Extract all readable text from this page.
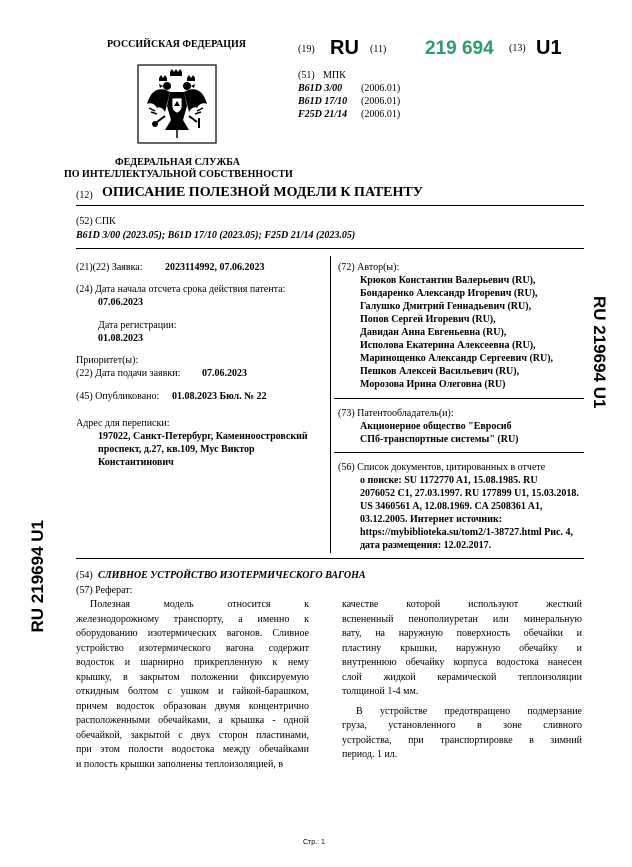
РОССИЙСКАЯ ФЕДЕРАЦИЯ
ФЕДЕРАЛЬНАЯ СЛУЖБА
ПО ИНТЕЛЛЕКТУАЛЬНОЙ СОБСТВЕННОСТИ
(19) RU (11) 219 694 (13) U1
(51) МПК
B61D 3/00 (2006.01)
B61D 17/10 (2006.01)
F25D 21/14 (2006.01)
(12) ОПИСАНИЕ ПОЛЕЗНОЙ МОДЕЛИ К ПАТЕНТУ
(52) СПК
B61D 3/00 (2023.05); B61D 17/10 (2023.05); F25D 21/14 (2023.05)
(21)(22) Заявка: 2023114992, 07.06.2023
(24) Дата начала отсчета срока действия патента:
07.06.2023
Дата регистрации:
01.08.2023
Приоритет(ы):
(22) Дата подачи заявки: 07.06.2023
(45) Опубликовано: 01.08.2023 Бюл. № 22
Адрес для переписки:
197022, Санкт-Петербург, Каменноостровский
проспект, д.27, кв.109, Мус Виктор
Константинович
(72) Автор(ы):
Крюков Константин Валерьевич (RU),
Бондаренко Александр Игоревич (RU),
Галушко Дмитрий Геннадьевич (RU),
Попов Сергей Игоревич (RU),
Давидан Анна Евгеньевна (RU),
Исполова Екатерина Алексеевна (RU),
Маринощенко Александр Сергеевич (RU),
Пешков Алексей Васильевич (RU),
Морозова Ирина Олеговна (RU)
(73) Патентообладатель(и):
Акционерное общество "Евросиб
СПб-транспортные системы" (RU)
(56) Список документов, цитированных в отчете
о поиске: SU 1172770 A1, 15.08.1985. RU
2076052 C1, 27.03.1997. RU 177899 U1, 15.03.2018.
US 3460561 A, 12.08.1969. CA 2508361 A1,
03.12.2005. Интернет источник:
https://mybiblioteka.su/tom2/1-38727.html Рис. 4,
дата размещения: 12.02.2017.
(54) СЛИВНОЕ УСТРОЙСТВО ИЗОТЕРМИЧЕСКОГО ВАГОНА
(57) Реферат:
Полезная модель относится к
железнодорожному транспорту, а именно к
оборудованию изотермических вагонов. Сливное
устройство изотермического вагона содержит
водосток и шарнирно прикрепленную к нему
крышку, в закрытом положении фиксируемую
откидным болтом с ушком и гайкой-барашком,
причем водосток образован двумя концентрично
расположенными обечайками, а крышка - одной
обечайкой, закрытой с двух сторон пластинами,
при этом полости водостока между обечайками
и полость крышки заполнены теплоизоляцией, в
качестве которой используют жесткий
вспененный пенополиуретан или минеральную
вату, на наружную поверхность обечайки и
пластину крышки, наружную обечайку и
внутреннюю обечайку корпуса водостока нанесен
слой жидкой керамической теплоизоляции
толщиной 1-4 мм.
В устройстве предотвращено подмерзание
груза, установленного в зоне сливного
устройства, при транспортировке в зимний
период. 1 ил.
RU 219694 U1
RU 219694 U1
Стр.: 1
